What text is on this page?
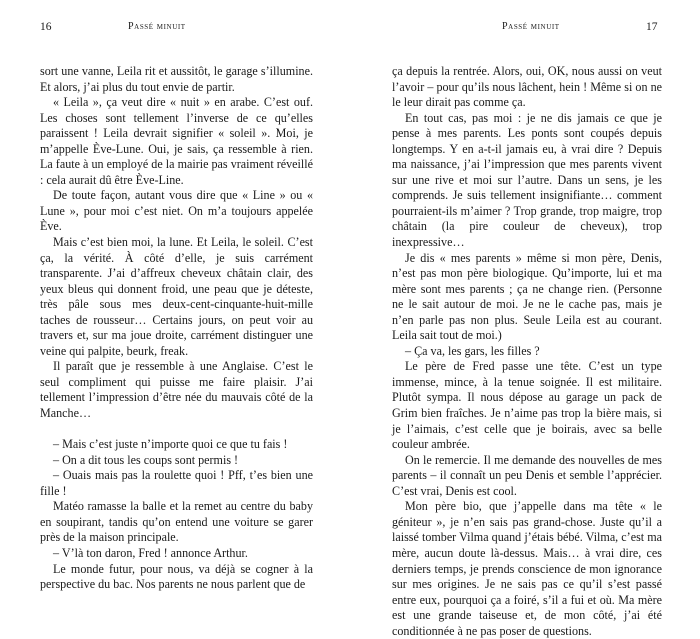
16	Passé minuit

sort une vanne, Leila rit et aussitôt, le garage s’illumine. Et alors, j’ai plus du tout envie de partir.

« Leila », ça veut dire « nuit » en arabe. C’est ouf. Les choses sont tellement l’inverse de ce qu’elles paraissent ! Leila devrait signifier « soleil ». Moi, je m’appelle Ève-Lune. Oui, je sais, ça ressemble à rien. La faute à un employé de la mairie pas vraiment réveillé : cela aurait dû être Ève-Line.

De toute façon, autant vous dire que « Line » ou « Lune », pour moi c’est niet. On m’a toujours appelée Ève.

Mais c’est bien moi, la lune. Et Leila, le soleil. C’est ça, la vérité. À côté d’elle, je suis carrément transparente. J’ai d’affreux cheveux châtain clair, des yeux bleus qui donnent froid, une peau que je déteste, très pâle sous mes deux-cent-cinquante-huit-mille taches de rousseur… Certains jours, on peut voir au travers et, sur ma joue droite, carrément distinguer une veine qui palpite, beurk, freak.

Il paraît que je ressemble à une Anglaise. C’est le seul compliment qui puisse me faire plaisir. J’ai tellement l’impression d’être née du mauvais côté de la Manche…

– Mais c’est juste n’importe quoi ce que tu fais !

– On a dit tous les coups sont permis !

– Ouais mais pas la roulette quoi ! Pff, t’es bien une fille !

Matéo ramasse la balle et la remet au centre du baby en soupirant, tandis qu’on entend une voiture se garer près de la maison principale.

– V’là ton daron, Fred ! annonce Arthur.

Le monde futur, pour nous, va déjà se cogner à la perspective du bac. Nos parents ne nous parlent que de

Passé minuit	17

ça depuis la rentrée. Alors, oui, OK, nous aussi on veut l’avoir – pour qu’ils nous lâchent, hein ! Même si on ne le leur dirait pas comme ça.

En tout cas, pas moi : je ne dis jamais ce que je pense à mes parents. Les ponts sont coupés depuis longtemps. Y en a-t-il jamais eu, à vrai dire ? Depuis ma naissance, j’ai l’impression que mes parents vivent sur une rive et moi sur l’autre. Dans un sens, je les comprends. Je suis tellement insignifiante… comment pourraient-ils m’aimer ? Trop grande, trop maigre, trop châtain (la pire couleur de cheveux), trop inexpressive…

Je dis « mes parents » même si mon père, Denis, n’est pas mon père biologique. Qu’importe, lui et ma mère sont mes parents ; ça ne change rien. (Personne ne le sait autour de moi. Je ne le cache pas, mais je n’en parle pas non plus. Seule Leila est au courant. Leila sait tout de moi.)

– Ça va, les gars, les filles ?

Le père de Fred passe une tête. C’est un type immense, mince, à la tenue soignée. Il est militaire. Plutôt sympa. Il nous dépose au garage un pack de Grim bien fraîches. Je n’aime pas trop la bière mais, si je l’aimais, c’est celle que je boirais, avec sa belle couleur ambrée.

On le remercie. Il me demande des nouvelles de mes parents – il connaît un peu Denis et semble l’apprécier. C’est vrai, Denis est cool.

Mon père bio, que j’appelle dans ma tête « le géniteur », je n’en sais pas grand-chose. Juste qu’il a laissé tomber Vilma quand j’étais bébé. Vilma, c’est ma mère, aucun doute là-dessus. Mais… à vrai dire, ces derniers temps, je prends conscience de mon ignorance sur mes origines. Je ne sais pas ce qu’il s’est passé entre eux, pourquoi ça a foiré, s’il a fui et où. Ma mère est une grande taiseuse et, de mon côté, j’ai été conditionnée à ne pas poser de questions.
